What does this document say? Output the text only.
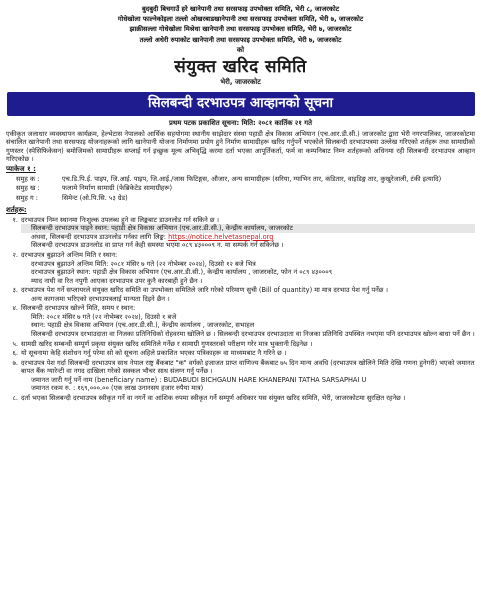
बुदबुदी बिचगाउँ हरे खानेपानी तथा सरसफाइ उपभोक्ता समिति, भेरी ८, जाजरकोट
गोधेखोला फाल्नेकोइला तल्लो ओखरबाडखानेपानी तथा सरसफाइ उपभोक्ता समिति, भेरी ७, जाजरकोट
झाक्रीसल्ला गोधेखोला मिश्रेधा खानेपानी तथा सरसफाइ उपभोक्ता समिति, भेरी ७, जाजरकोट
तल्लो अधेरी रुपाकोट खानेपानी तथा सरसफाइ उपभोक्ता समिति, भेरी ७, जाजरकोट
को
संयुक्त खरिद समिति
भेरी, जाजरकोट
सिलबन्दी दरभाउपत्र आव्हानको सूचना
प्रथम पटक प्रकाशित सूचना: मिति: २०८१ कार्तिक २१ गते
एकीकृत जलाधार व्यवस्थापन कार्यक्रम, हेल्भेटास नेपालको आर्थिक सहयोगमा स्थानीय साझेदार संस्था पहाडी क्षेत्र विकास अभियान (एच.आर.डी.सी.) जाजरकोट द्वारा भेरी नगरपालिका, जाजरकोटमा संचालित खानेपानी तथा सरसफाइ योजनाहरूको लागि खानेपानी योजना निर्माणमा प्रयोग हुने निर्माण सामाग्रीहरू खरिद गर्नुपर्ने भएकोले सिलबन्दी दरभाउपत्रमा उल्लेख गरिएको शर्तहरू तथा सामाग्रीको गुणस्तर (स्पेसिफिकेसन) बमोजिमको सामाग्रीहरू सप्लाई गर्न इच्छुक मूल्य अभिवृद्धि करमा दर्ता भएका आपूर्तिकर्ता, फर्म वा कम्पनिबाट निम्न शर्तहरूको अधिनमा रही सिलबन्दी दरभाउपत्र आव्हान गरिएकोछ ।
प्याकेज १ :
समुह क :	एच.डि.पि.ई. पाइप, जि.आई. पाइप, जि.आई./जास फिटिङ्गस, औजार, अन्य सामाग्रीहरू (सरिया, ग्याभिन तार, कंडितार, वाइडिङ्ग तार, कुखुरेजाली, टंकी इत्यादि)
समुह ख :	फलामे निर्माण सामाग्री (फेब्रिकेटेड सामाग्रीहरू)
समुह ग :	सिमेन्ट (ओ.पि.सि. ५३ ग्रेड)
शर्तहरू:
१. दरभाउपत्र निम्न स्थानमा निःशुल्क उपलब्ध हुने वा लिङ्कबाट डाउनलोड गर्न सकिने छ ।
सिलबन्दी दरभाउपत्र पाइने स्थान: पहाडी क्षेत्र विकास अभियान (एच.आर.डी.सी.), केन्द्रीय कार्यालय, जाजरकोट
अथवा, सिलबन्दी दरभाउपत्र डाउनलोड गर्नका लागि लिङ्क: https://notice.helvetasnepal.org
सिलबन्दी दरभाउपत्र डाउनलोड वा प्राप्त गर्न केही समस्या भएमा ०८९ ४३०००९ न. मा सम्पर्क गर्न सकिनेछ ।
२. दरभाउपत्र बुझाउने अन्तिम मिति र स्थान:
दरभाउपत्र बुझाउने अन्तिम मिति: २०८१ मंसिर ७ गते (२२ नोभेम्बर २०२४), दिउसो १२ बजे भित्र
दरभाउपत्र बुझाउने स्थान: पहाडी क्षेत्र विकास अभियान (एच.आर.डी.सी.), केन्द्रीय कार्यालय , जाजरकोट, फोन नं ०८९ ४३०००९
म्याद नाघी वा रित नपुगी आएका दरभाउपत्र उपर कुनै कारबाही हुने छैन ।
३. दरभाउपत्र पेश गर्ने सप्लायरले संयुक्त खरिद समिति वा उपभोक्ता समितिले जारि गरेको परिमाण सुची (Bill of quantity) मा मात्र दरभाउ पेश गर्नु पर्नेछ ।
अन्य कागजमा भरिएको दरभाउपत्रलाई मान्यता दिइने छैन ।
४. सिलबन्दी दरभाउपत्र खोल्ने मिति, समय र स्थान:
मिति: २०८१ मंसिर ७ गते (२२ नोभेम्बर २०२४), दिउसो १ बजे
स्थान: पहाडी क्षेत्र विकास अभियान (एच.आर.डी.सी.), केन्द्रीय कार्यालय , जाजरकोट, सभाहल
सिलबन्दी दरभाउपत्र दरभाउदाता वा निजका प्रतिनिधिको रोहवरमा खोलिने छ । सिलबन्दी दरभाउपत्र दरभाउदाता वा निजका प्रतिनिधि उपस्थित नभएमा पनि दरभाउपत्र खोल्न बाधा पर्ने छैन ।
५. सामग्री खरिद सम्बन्धी सम्पूर्ण प्रकृया संयुक्त खरिद समितिले गर्नेछ र सामाग्री गुणस्तरको परीक्षण गरेर मात्र भुक्तानी दिइनेछ ।
६. यो सूचनामा केहि संशोधन गर्नु परेमा सो को सूचना अहिले प्रकाशित भएका पत्रिकाहरू वा माध्यमबाट नै गरिने छ ।
७. दरभाउपत्र पेश गर्दा सिलबन्दी दरभाउपत्र साथ नेपाल राष्ट्र बैंकबाट "क" वर्गको इजाजत प्राप्त वाणिज्य बैंकबाट ७५ दिन मान्य अवधि (दरभाउपत्र खोलिने मिति देखि गणना हुनेगरी) भएको जमानत बापत बैंक ग्यारेन्टी वा नगद दाखिला गरेको सक्कल भौचर साथ संलग्न गर्नु पर्नेछ ।
जमानत जारी गर्नु पर्ने नाम (beneficiary name) : BUDABUDI BICHGAUN HARE KHANEPANI TATHA SARSAPHAI U
जमानत रकम रु. : १६९,०००.०० (एक लाख उनानसय हजार रुपैया मात्र)
८. दर्ता भएका सिलबन्दी दरभाउपत्र स्वीकृत गर्ने वा नगर्ने वा आंशिक रुपमा स्वीकृत गर्ने सम्पूर्ण अधिकार यस संयुक्त खरिद समिति, भेरी, जाजरकोटमा सुरक्षित रहनेछ ।
